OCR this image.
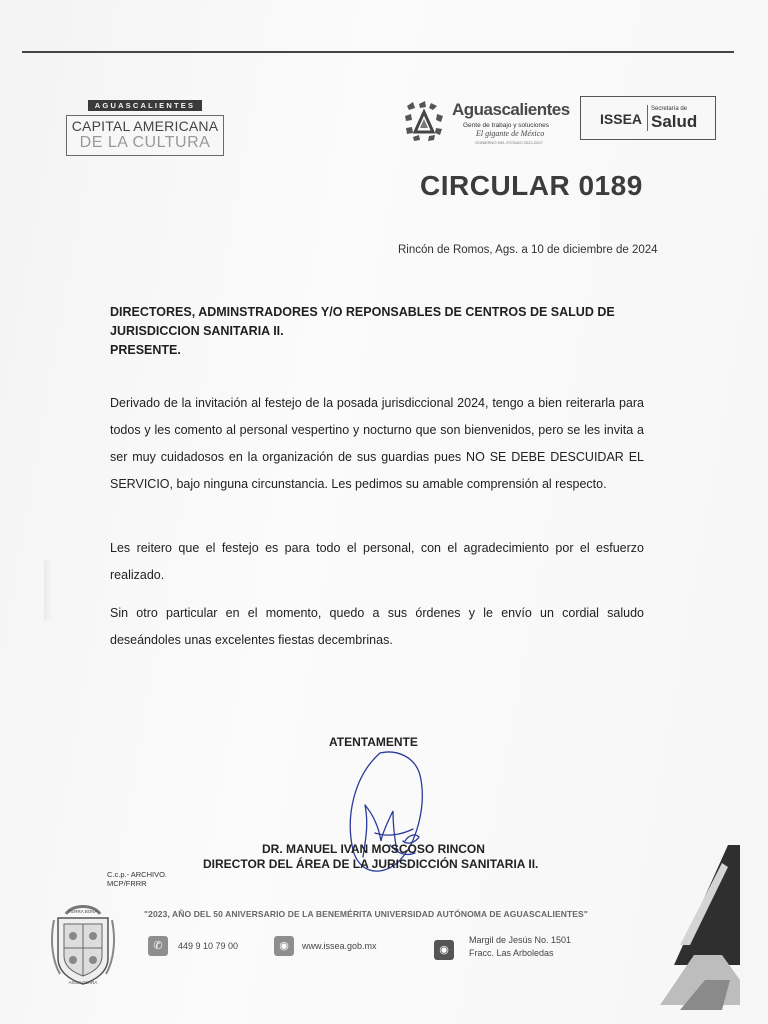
AGUASCALIENTES
CAPITAL AMERICANA
DE LA CULTURA
Aguascalientes
Gente de trabajo y soluciones
El gigante de México
GOBIERNO DEL ESTADO 2022-2027
ISSEA
Secretaría de
Salud
CIRCULAR 0189
Rincón de Romos, Ags. a 10 de diciembre de 2024
DIRECTORES, ADMINSTRADORES Y/O REPONSABLES DE CENTROS DE SALUD DE
JURISDICCION SANITARIA II.
PRESENTE.
Derivado de la invitación al festejo de la posada jurisdiccional 2024, tengo a bien reiterarla para todos y les comento al personal vespertino y nocturno que son bienvenidos, pero se les invita a ser muy cuidadosos en la organización de sus guardias pues NO SE DEBE DESCUIDAR EL SERVICIO, bajo ninguna circunstancia. Les pedimos su amable comprensión al respecto.
Les reitero que el festejo es para todo el personal, con el agradecimiento por el esfuerzo realizado.
Sin otro particular en el momento, quedo a sus órdenes y le envío un cordial saludo deseándoles unas excelentes fiestas decembrinas.
ATENTAMENTE
DR. MANUEL IVAN MOSCOSO RINCON
DIRECTOR DEL ÁREA DE LA JURISDICCIÓN SANITARIA II.
C.c.p.- ARCHIVO.
MCP/FRRR
TERRA BONA
AGUA CLARA
"2023, AÑO DEL 50 ANIVERSARIO DE LA BENEMÉRITA UNIVERSIDAD AUTÓNOMA DE AGUASCALIENTES"
✆	449 9 10 79 00	◉	www.issea.gob.mx	◉
Margil de Jesús No. 1501
Fracc. Las Arboledas
